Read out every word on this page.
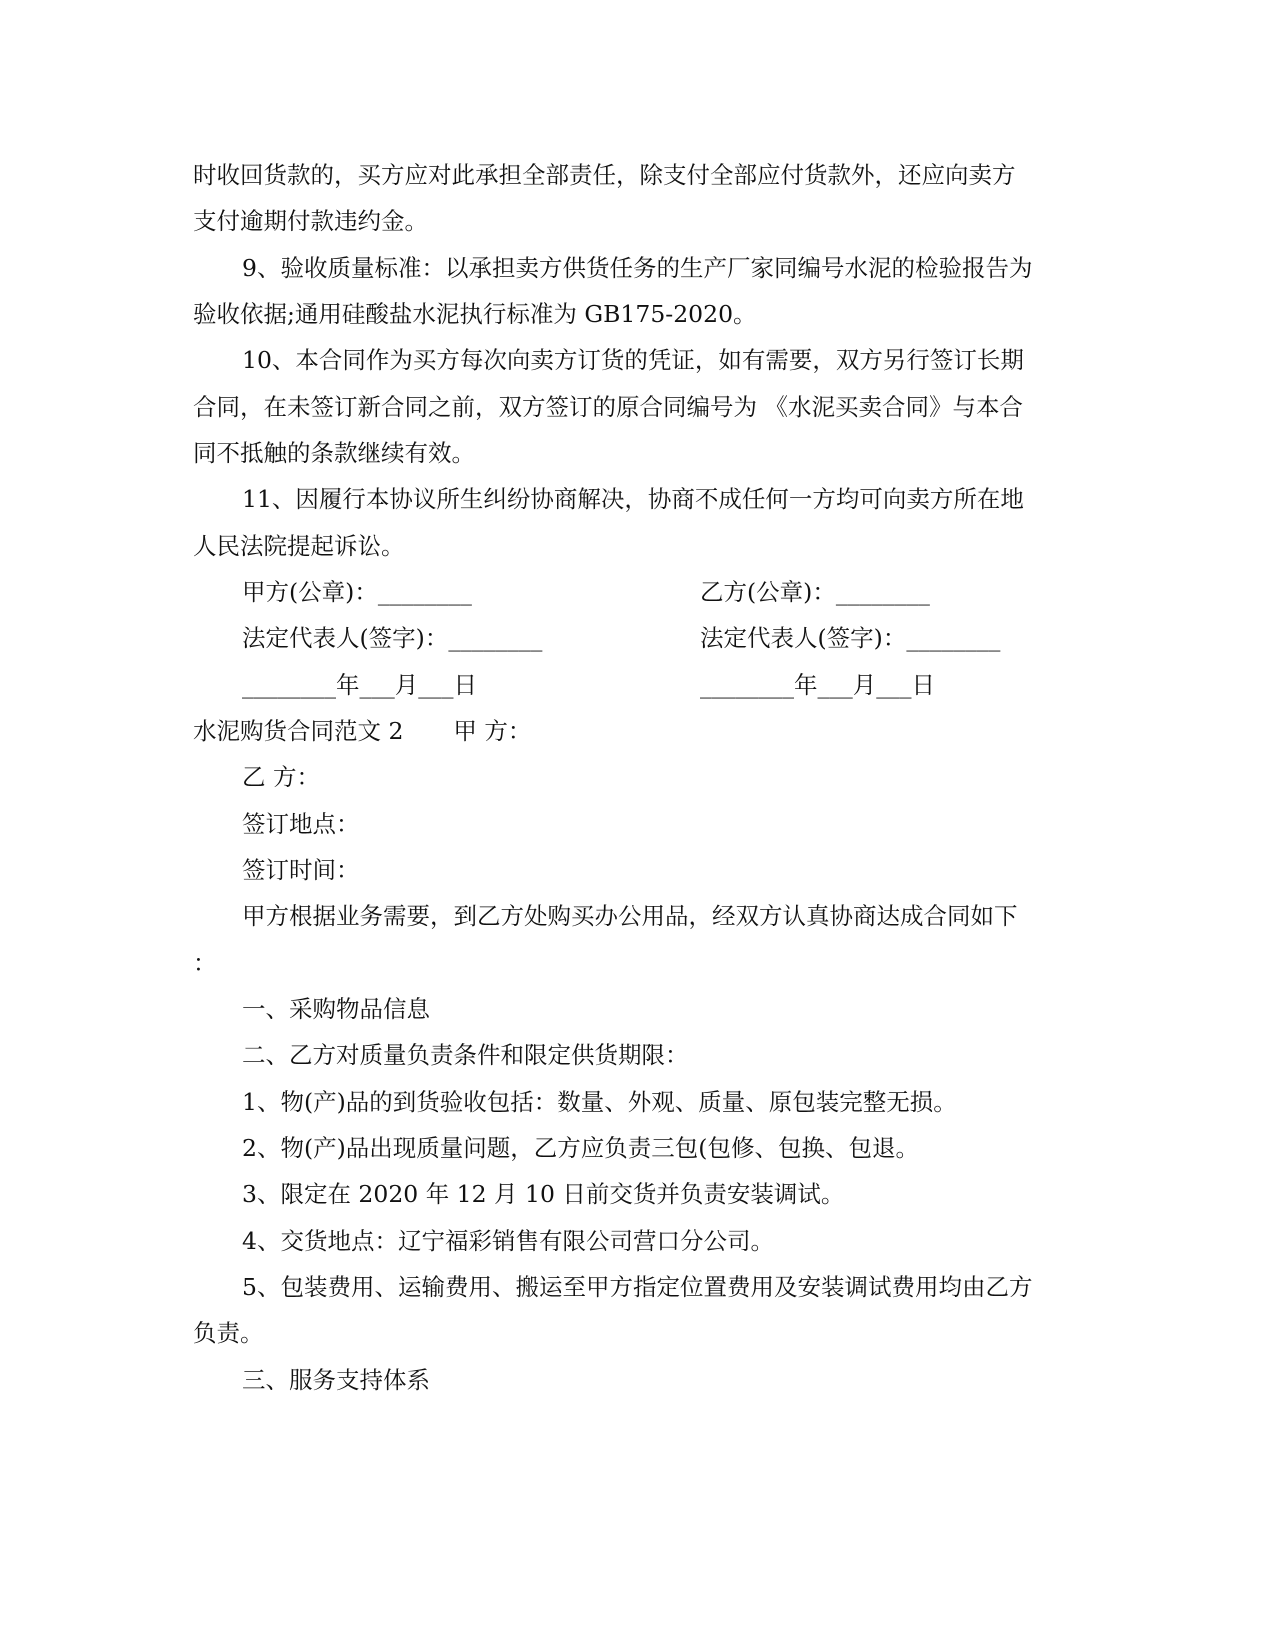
时收回货款的，买方应对此承担全部责任，除支付全部应付货款外，还应向卖方

支付逾期付款违约金。

9、验收质量标准：以承担卖方供货任务的生产厂家同编号水泥的检验报告为

验收依据;通用硅酸盐水泥执行标准为 GB175-2020。

10、本合同作为买方每次向卖方订货的凭证，如有需要，双方另行签订长期

合同，在未签订新合同之前，双方签订的原合同编号为 《水泥买卖合同》与本合

同不抵触的条款继续有效。

11、因履行本协议所生纠纷协商解决，协商不成任何一方均可向卖方所在地

人民法院提起诉讼。

甲方(公章)：________	乙方(公章)：________
法定代表人(签字)：________	法定代表人(签字)：________
________年___月___日	________年___月___日

水泥购货合同范文 2 甲 方：

乙 方：

签订地点：

签订时间：

甲方根据业务需要，到乙方处购买办公用品，经双方认真协商达成合同如下

：

一、采购物品信息

二、乙方对质量负责条件和限定供货期限：

1、物(产)品的到货验收包括：数量、外观、质量、原包装完整无损。

2、物(产)品出现质量问题，乙方应负责三包(包修、包换、包退。

3、限定在 2020 年 12 月 10 日前交货并负责安装调试。

4、交货地点：辽宁福彩销售有限公司营口分公司。

5、包装费用、运输费用、搬运至甲方指定位置费用及安装调试费用均由乙方

负责。

三、服务支持体系
